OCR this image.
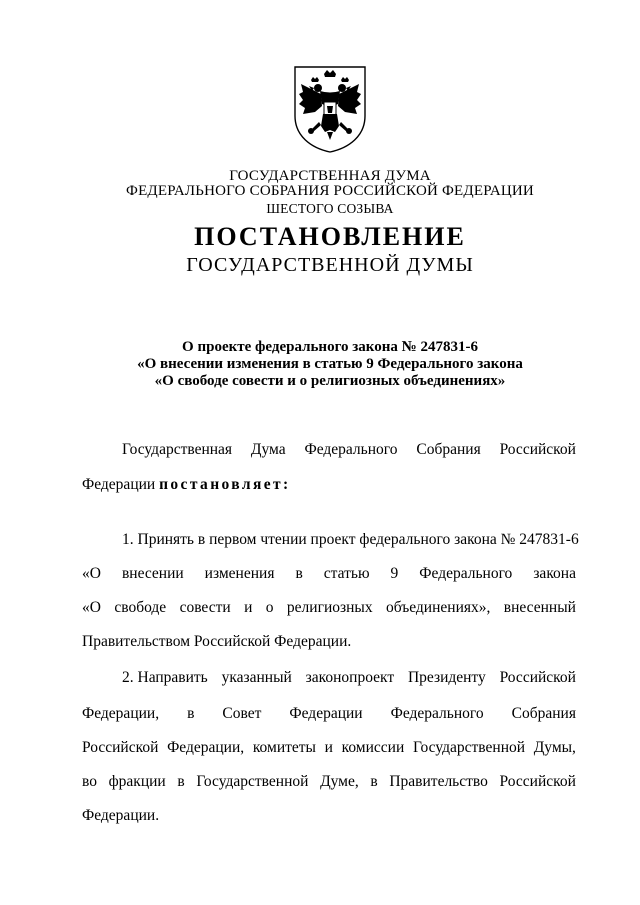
ГОСУДАРСТВЕННАЯ ДУМА
ФЕДЕРАЛЬНОГО СОБРАНИЯ РОССИЙСКОЙ ФЕДЕРАЦИИ
ШЕСТОГО СОЗЫВА
ПОСТАНОВЛЕНИЕ
ГОСУДАРСТВЕННОЙ ДУМЫ
О проекте федерального закона № 247831-6
«О внесении изменения в статью 9 Федерального закона
«О свободе совести и о религиозных объединениях»
Государственная Дума Федерального Собрания Российской
Федерации постановляет:
1. Принять в первом чтении проект федерального закона № 247831-6
«О внесении изменения в статью 9 Федерального закона
«О свободе совести и о религиозных объединениях», внесенный
Правительством Российской Федерации.
2. Направить указанный законопроект Президенту Российской
Федерации, в Совет Федерации Федерального Собрания
Российской Федерации, комитеты и комиссии Государственной Думы,
во фракции в Государственной Думе, в Правительство Российской
Федерации.
